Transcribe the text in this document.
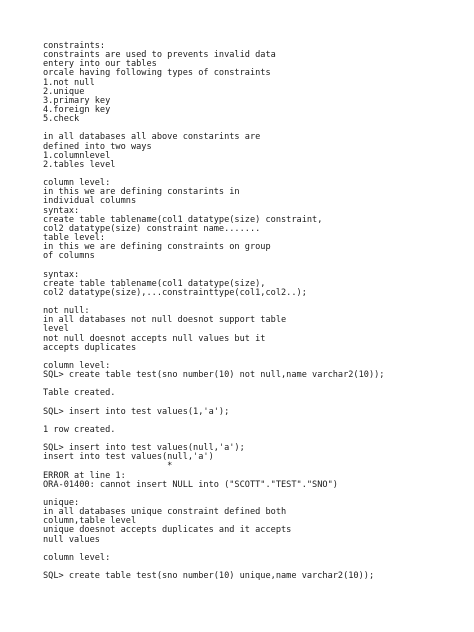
constraints:
constraints are used to prevents invalid data
entery into our tables
orcale having following types of constraints
1.not null
2.unique
3.primary key
4.foreign key
5.check
in all databases all above constarints are
defined into two ways
1.columnlevel
2.tables level
column level:
in this we are defining constarints in
individual columns
syntax:
create table tablename(col1 datatype(size) constraint,
col2 datatype(size) constraint name.......
table level:
in this we are defining constraints on group
of columns
syntax:
create table tablename(col1 datatype(size),
col2 datatype(size),...constrainttype(col1,col2..);
not null:
in all databases not null doesnot support table
level
not null doesnot accepts null values but it
accepts duplicates
column level:
SQL> create table test(sno number(10) not null,name varchar2(10));
Table created.
SQL> insert into test values(1,'a');
1 row created.
SQL> insert into test values(null,'a');
insert into test values(null,'a')
*
ERROR at line 1:
ORA-01400: cannot insert NULL into ("SCOTT"."TEST"."SNO")
unique:
in all databases unique constraint defined both
column,table level
unique doesnot accepts duplicates and it accepts
null values
column level:
SQL> create table test(sno number(10) unique,name varchar2(10));
